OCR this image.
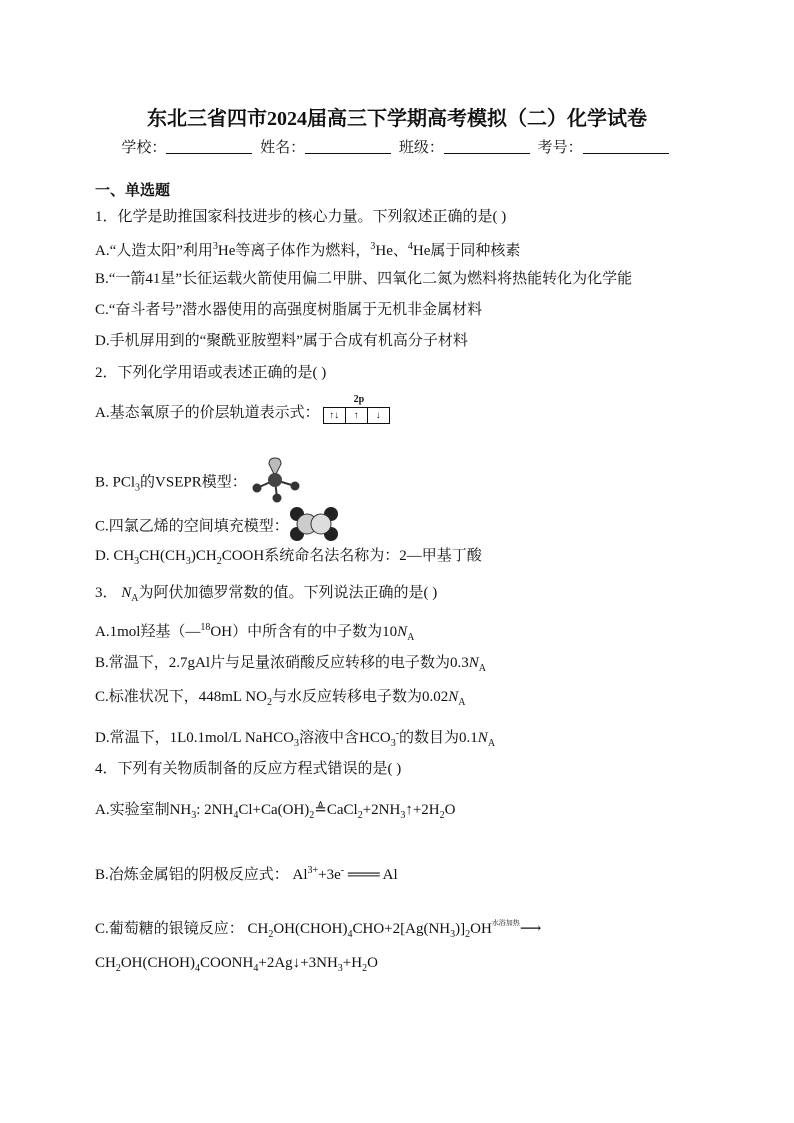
东北三省四市2024届高三下学期高考模拟（二）化学试卷
学校：	姓名：	班级：	考号：
一、单选题
1．化学是助推国家科技进步的核心力量。下列叙述正确的是( )
A.“人造太阳”利用$^3$He等离子体作为燃料，$^3$He、$^4$He属于同种核素
B.“一箭41星”长征运载火箭使用偏二甲肼、四氧化二氮为燃料将热能转化为化学能
C.“奋斗者号”潜水器使用的高强度树脂属于无机非金属材料
D.手机屏用到的“聚酰亚胺塑料”属于合成有机高分子材料
2．下列化学用语或表述正确的是( )
A.基态氧原子的价层轨道表示式：
2p
↑↓ ↑ ↓
B. PCl$_3$的VSEPR模型：
C.四氯乙烯的空间填充模型：
D. $CH_3CH(CH_3)CH_2COOH$系统命名法名称为：2—甲基丁酸
3． $N_A$为阿伏加德罗常数的值。下列说法正确的是( )
A.1mol羟基（—$^{18}$OH）中所含有的中子数为$10N_A$
B.常温下，2.7gAl片与足量浓硝酸反应转移的电子数为$0.3N_A$
C.标准状况下，448mL $NO_2$与水反应转移电子数为$0.02N_A$
D.常温下，1L0.1mol/L NaHCO$_3$溶液中含$HCO_3^-$的数目为$0.1N_A$
4．下列有关物质制备的反应方程式错误的是( )
A.实验室制$NH_3$: $2NH_4Cl+Ca(OH)_2≜CaCl_2+2NH_3↑+2H_2O$
B.冶炼金属铝的阴极反应式： $Al^{3+}+3e^-$ ═══ Al
C.葡萄糖的银镜反应： $CH_2OH(CHOH)_4CHO+2[Ag(NH_3)]_2OH^{水浴加热}⟶$
$CH_2OH(CHOH)_4COONH_4+2Ag↓+3NH_3+H_2O$
